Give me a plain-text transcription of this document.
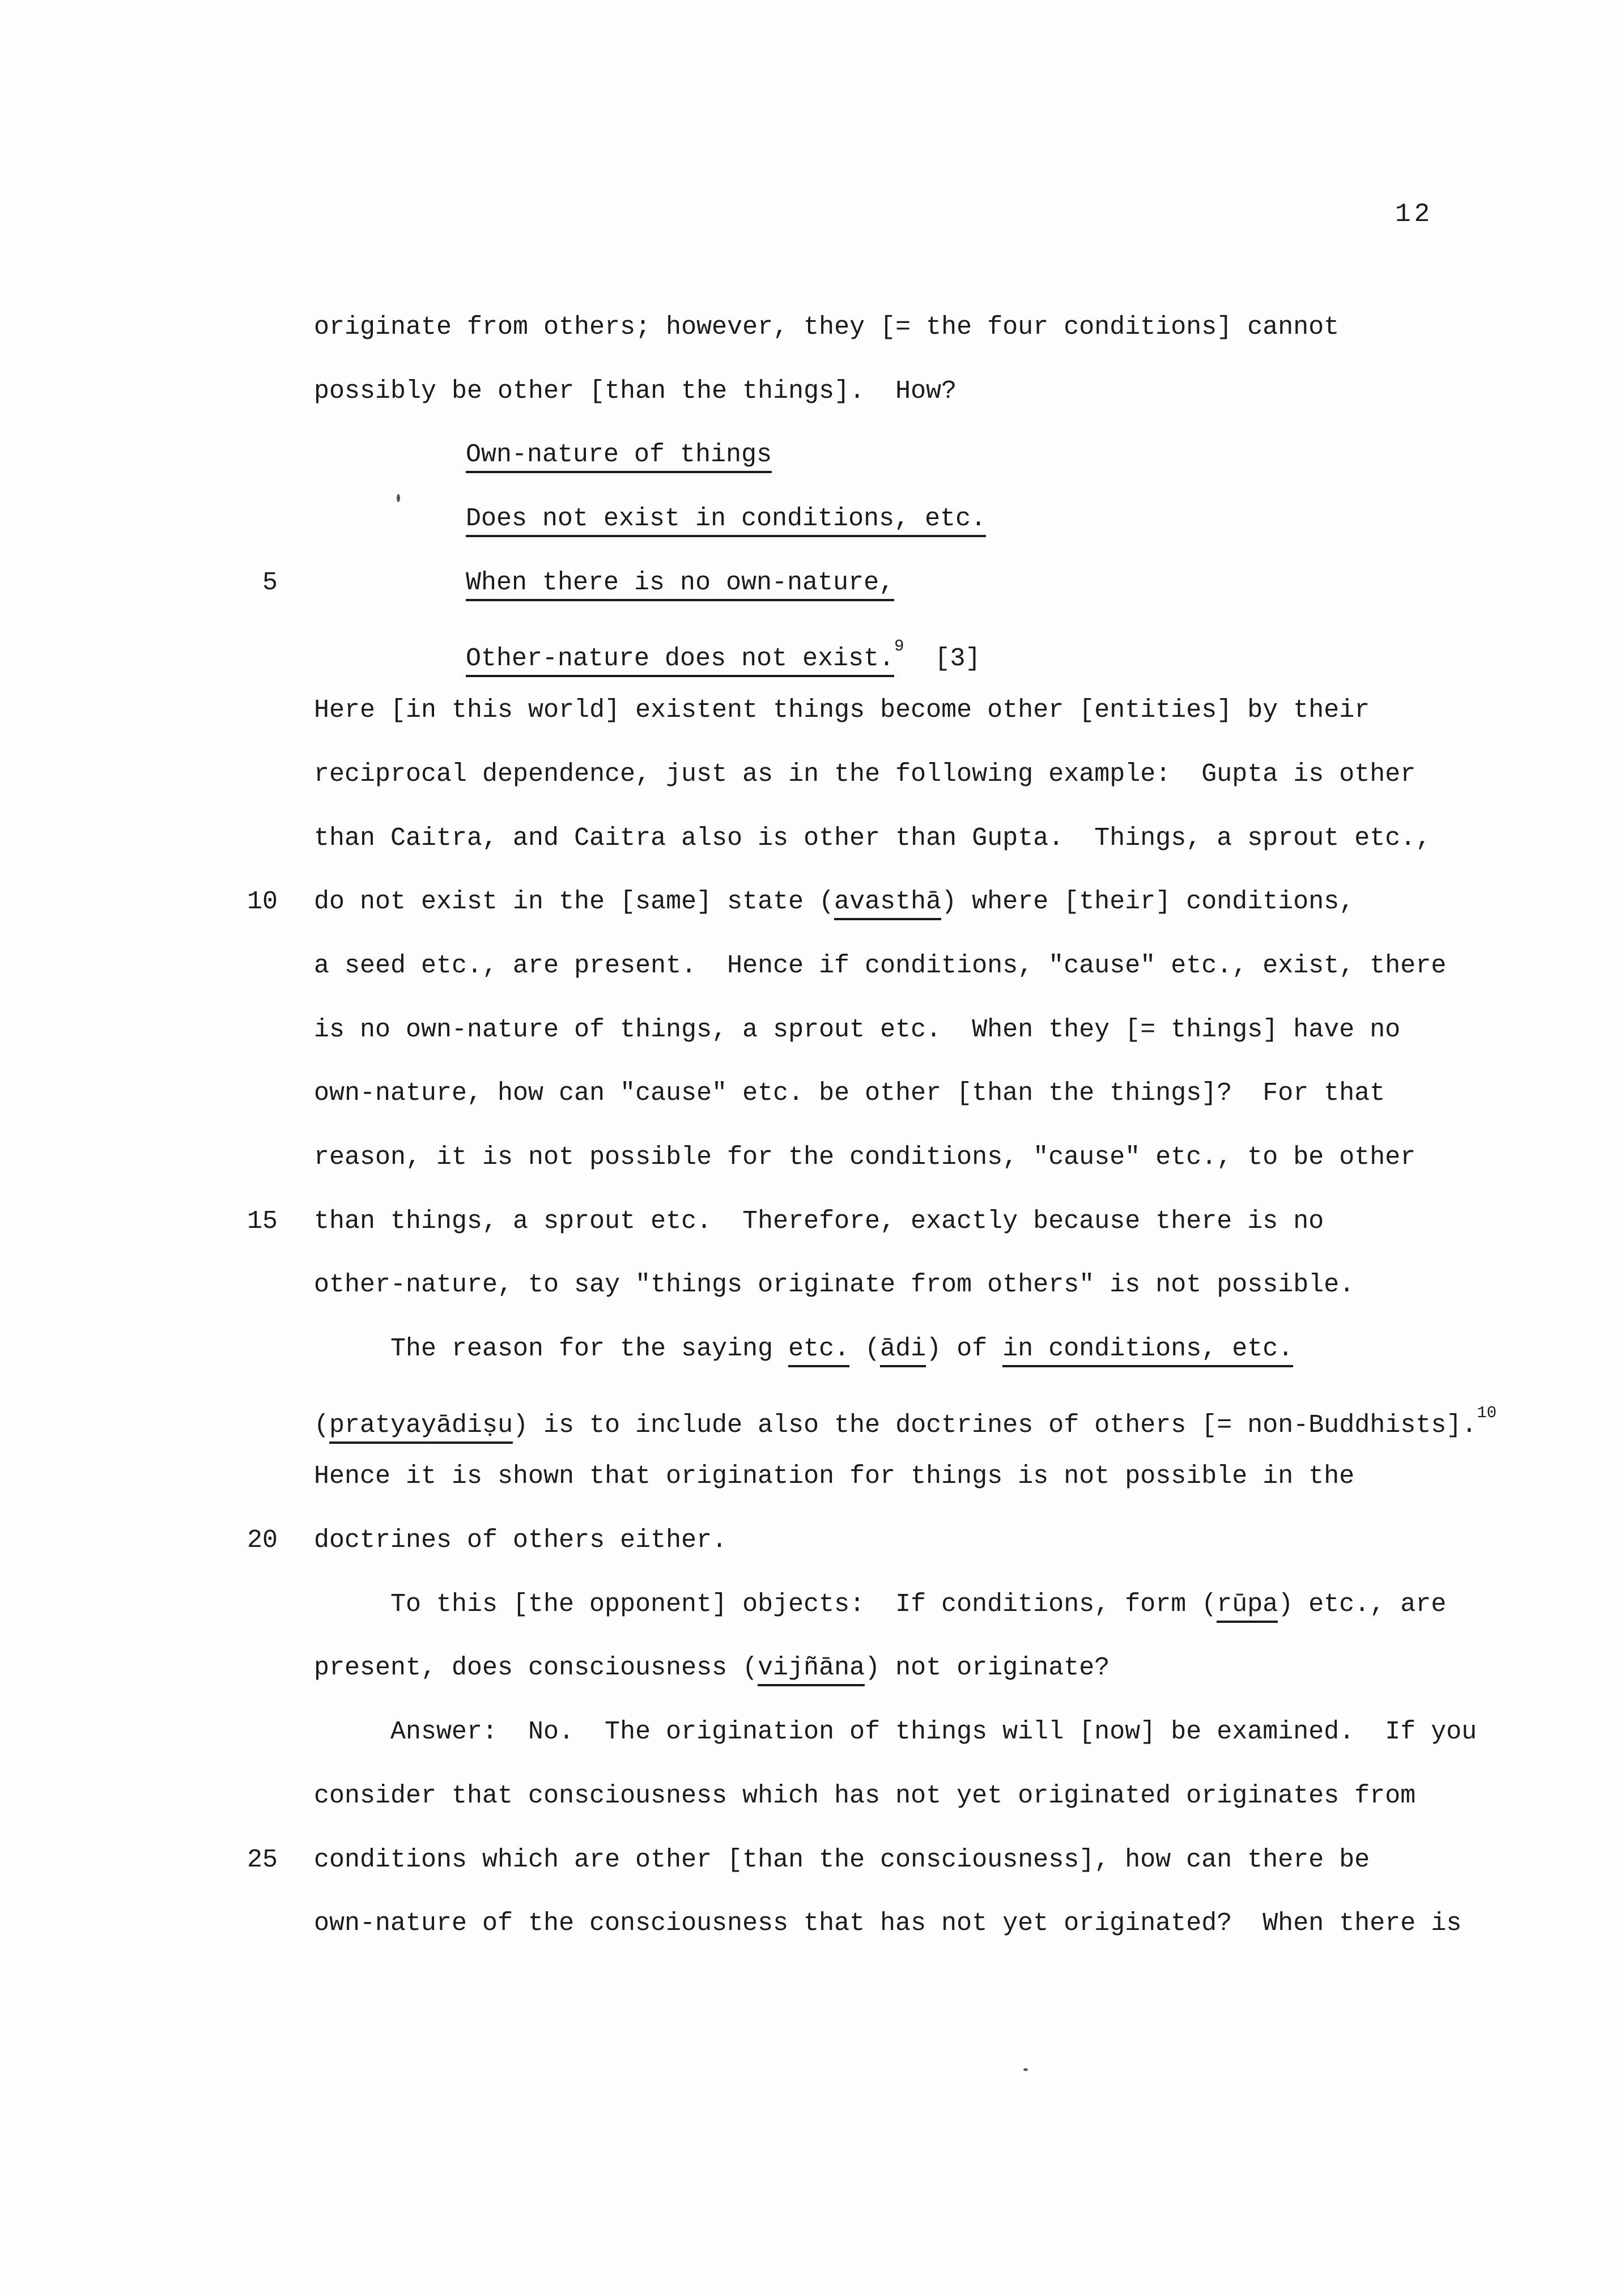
12
originate from others; however, they [= the four conditions] cannot
possibly be other [than the things].  How?
Own-nature of things
Does not exist in conditions, etc.
5	When there is no own-nature,
Other-nature does not exist.$^9$  [3]
Here [in this world] existent things become other [entities] by their
reciprocal dependence, just as in the following example:  Gupta is other
than Caitra, and Caitra also is other than Gupta.  Things, a sprout etc.,
10 do not exist in the [same] state (avasthā) where [their] conditions,
a seed etc., are present.  Hence if conditions, "cause" etc., exist, there
is no own-nature of things, a sprout etc.  When they [= things] have no
own-nature, how can "cause" etc. be other [than the things]?  For that
reason, it is not possible for the conditions, "cause" etc., to be other
15 than things, a sprout etc.  Therefore, exactly because there is no
other-nature, to say "things originate from others" is not possible.
The reason for the saying etc. (ādi) of in conditions, etc.
(pratyayādiṣu) is to include also the doctrines of others [= non-Buddhists].$^{10}$
Hence it is shown that origination for things is not possible in the
20 doctrines of others either.
To this [the opponent] objects:  If conditions, form (rūpa) etc., are
present, does consciousness (vijñāna) not originate?
Answer:  No.  The origination of things will [now] be examined.  If you
consider that consciousness which has not yet originated originates from
25 conditions which are other [than the consciousness], how can there be
own-nature of the consciousness that has not yet originated?  When there is
